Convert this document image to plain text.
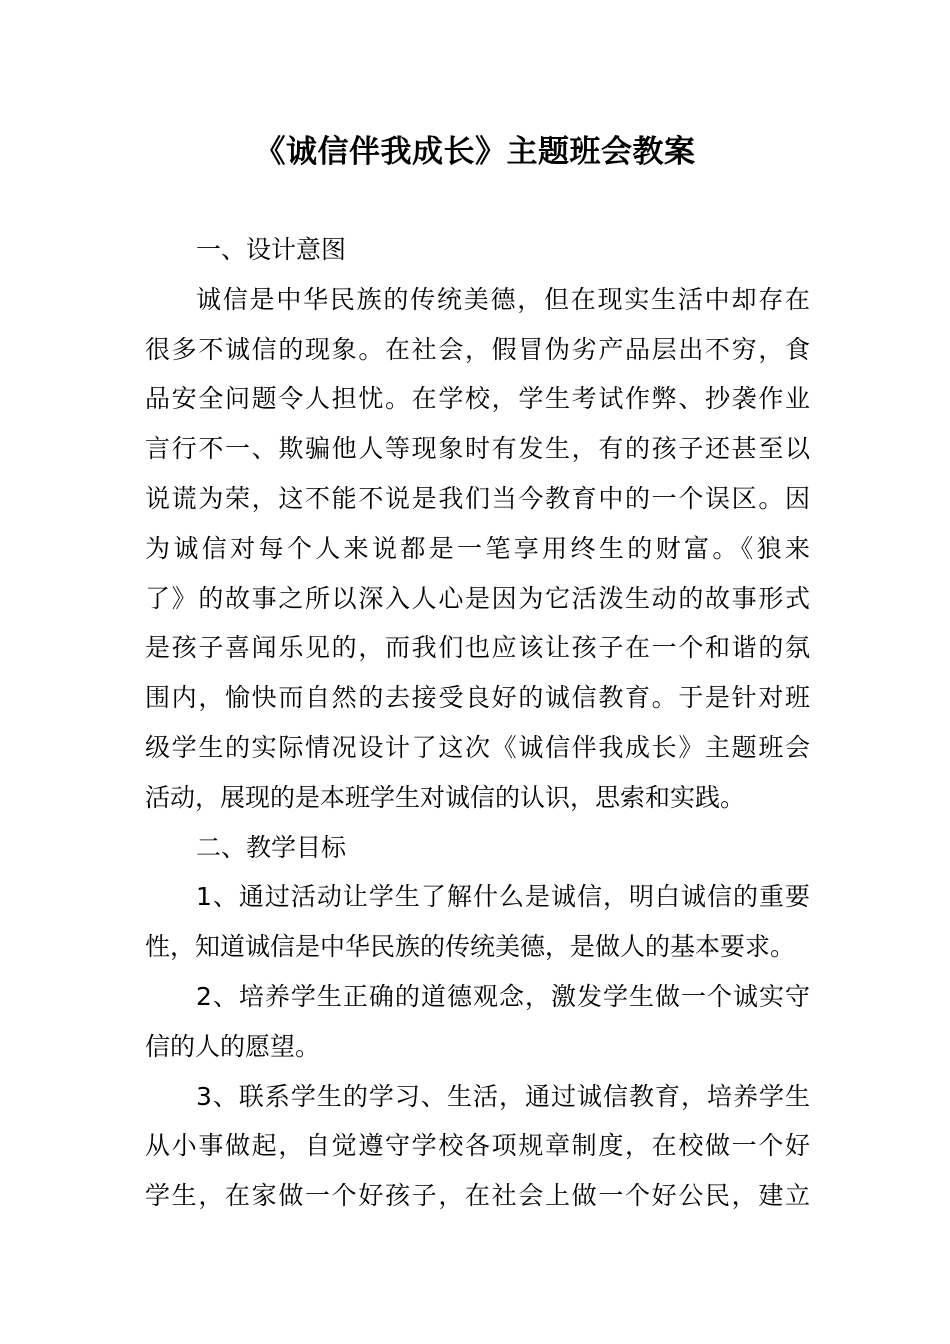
《诚信伴我成长》主题班会教案
一、设计意图
诚信是中华民族的传统美德，但在现实生活中却存在
很多不诚信的现象。在社会，假冒伪劣产品层出不穷，食
品安全问题令人担忧。在学校，学生考试作弊、抄袭作业
言行不一、欺骗他人等现象时有发生，有的孩子还甚至以
说谎为荣，这不能不说是我们当今教育中的一个误区。因
为诚信对每个人来说都是一笔享用终生的财富。《狼来
了》的故事之所以深入人心是因为它活泼生动的故事形式
是孩子喜闻乐见的，而我们也应该让孩子在一个和谐的氛
围内，愉快而自然的去接受良好的诚信教育。于是针对班
级学生的实际情况设计了这次《诚信伴我成长》主题班会
活动，展现的是本班学生对诚信的认识，思索和实践。
二、教学目标
1、通过活动让学生了解什么是诚信，明白诚信的重要
性，知道诚信是中华民族的传统美德，是做人的基本要求。
2、培养学生正确的道德观念，激发学生做一个诚实守
信的人的愿望。
3、联系学生的学习、生活，通过诚信教育，培养学生
从小事做起，自觉遵守学校各项规章制度，在校做一个好
学生，在家做一个好孩子，在社会上做一个好公民，建立
